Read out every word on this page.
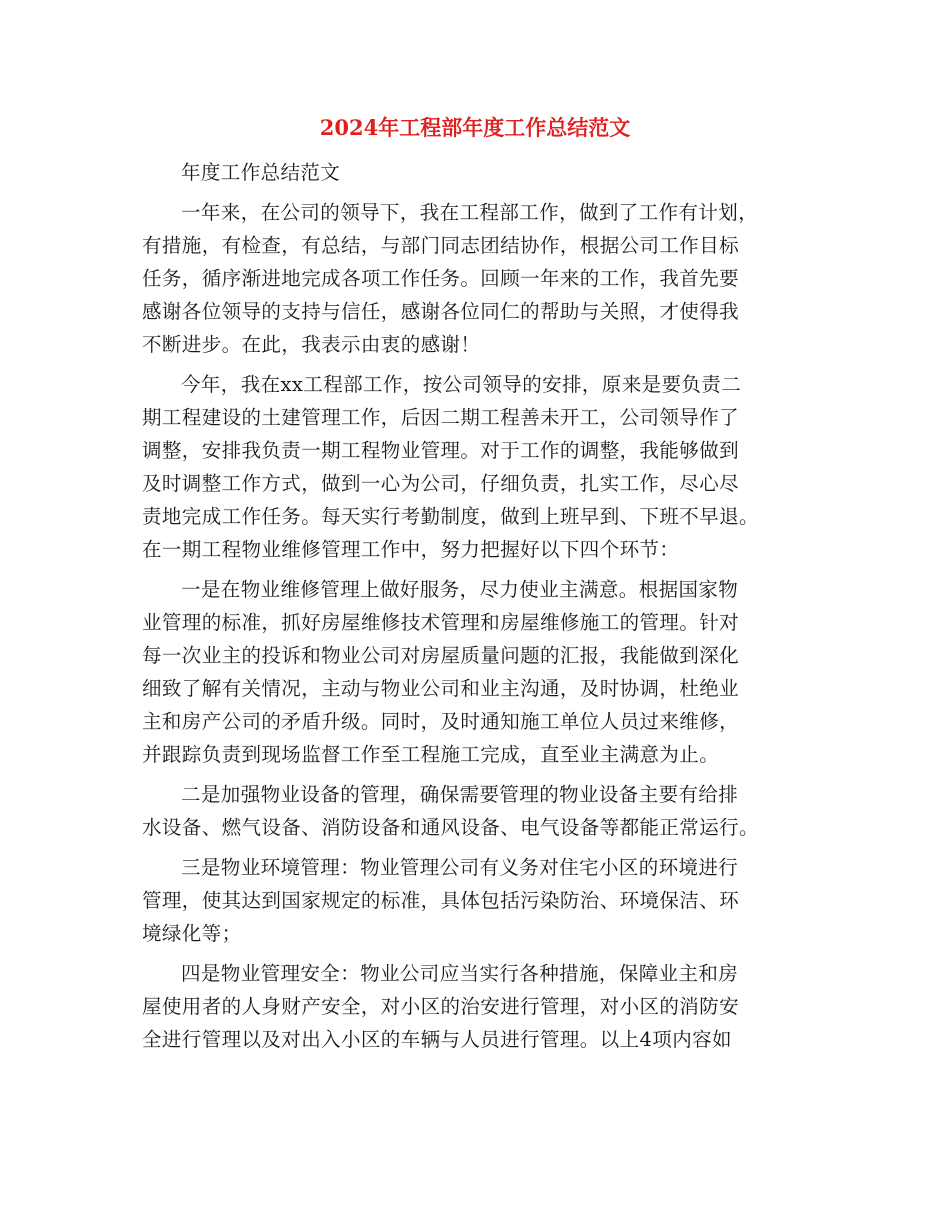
2024年工程部年度工作总结范文

年度工作总结范文

一年来，在公司的领导下，我在工程部工作，做到了工作有计划，
有措施，有检查，有总结，与部门同志团结协作，根据公司工作目标
任务，循序渐进地完成各项工作任务。回顾一年来的工作，我首先要
感谢各位领导的支持与信任，感谢各位同仁的帮助与关照，才使得我
不断进步。在此，我表示由衷的感谢！

今年，我在xx工程部工作，按公司领导的安排，原来是要负责二
期工程建设的土建管理工作，后因二期工程善未开工，公司领导作了
调整，安排我负责一期工程物业管理。对于工作的调整，我能够做到
及时调整工作方式，做到一心为公司，仔细负责，扎实工作，尽心尽
责地完成工作任务。每天实行考勤制度，做到上班早到、下班不早退。
在一期工程物业维修管理工作中，努力把握好以下四个环节：

一是在物业维修管理上做好服务，尽力使业主满意。根据国家物
业管理的标准，抓好房屋维修技术管理和房屋维修施工的管理。针对
每一次业主的投诉和物业公司对房屋质量问题的汇报，我能做到深化
细致了解有关情况，主动与物业公司和业主沟通，及时协调，杜绝业
主和房产公司的矛盾升级。同时，及时通知施工单位人员过来维修，
并跟踪负责到现场监督工作至工程施工完成，直至业主满意为止。

二是加强物业设备的管理，确保需要管理的物业设备主要有给排
水设备、燃气设备、消防设备和通风设备、电气设备等都能正常运行。

三是物业环境管理：物业管理公司有义务对住宅小区的环境进行
管理，使其达到国家规定的标准，具体包括污染防治、环境保洁、环
境绿化等；

四是物业管理安全：物业公司应当实行各种措施，保障业主和房
屋使用者的人身财产安全，对小区的治安进行管理，对小区的消防安
全进行管理以及对出入小区的车辆与人员进行管理。以上4项内容如
